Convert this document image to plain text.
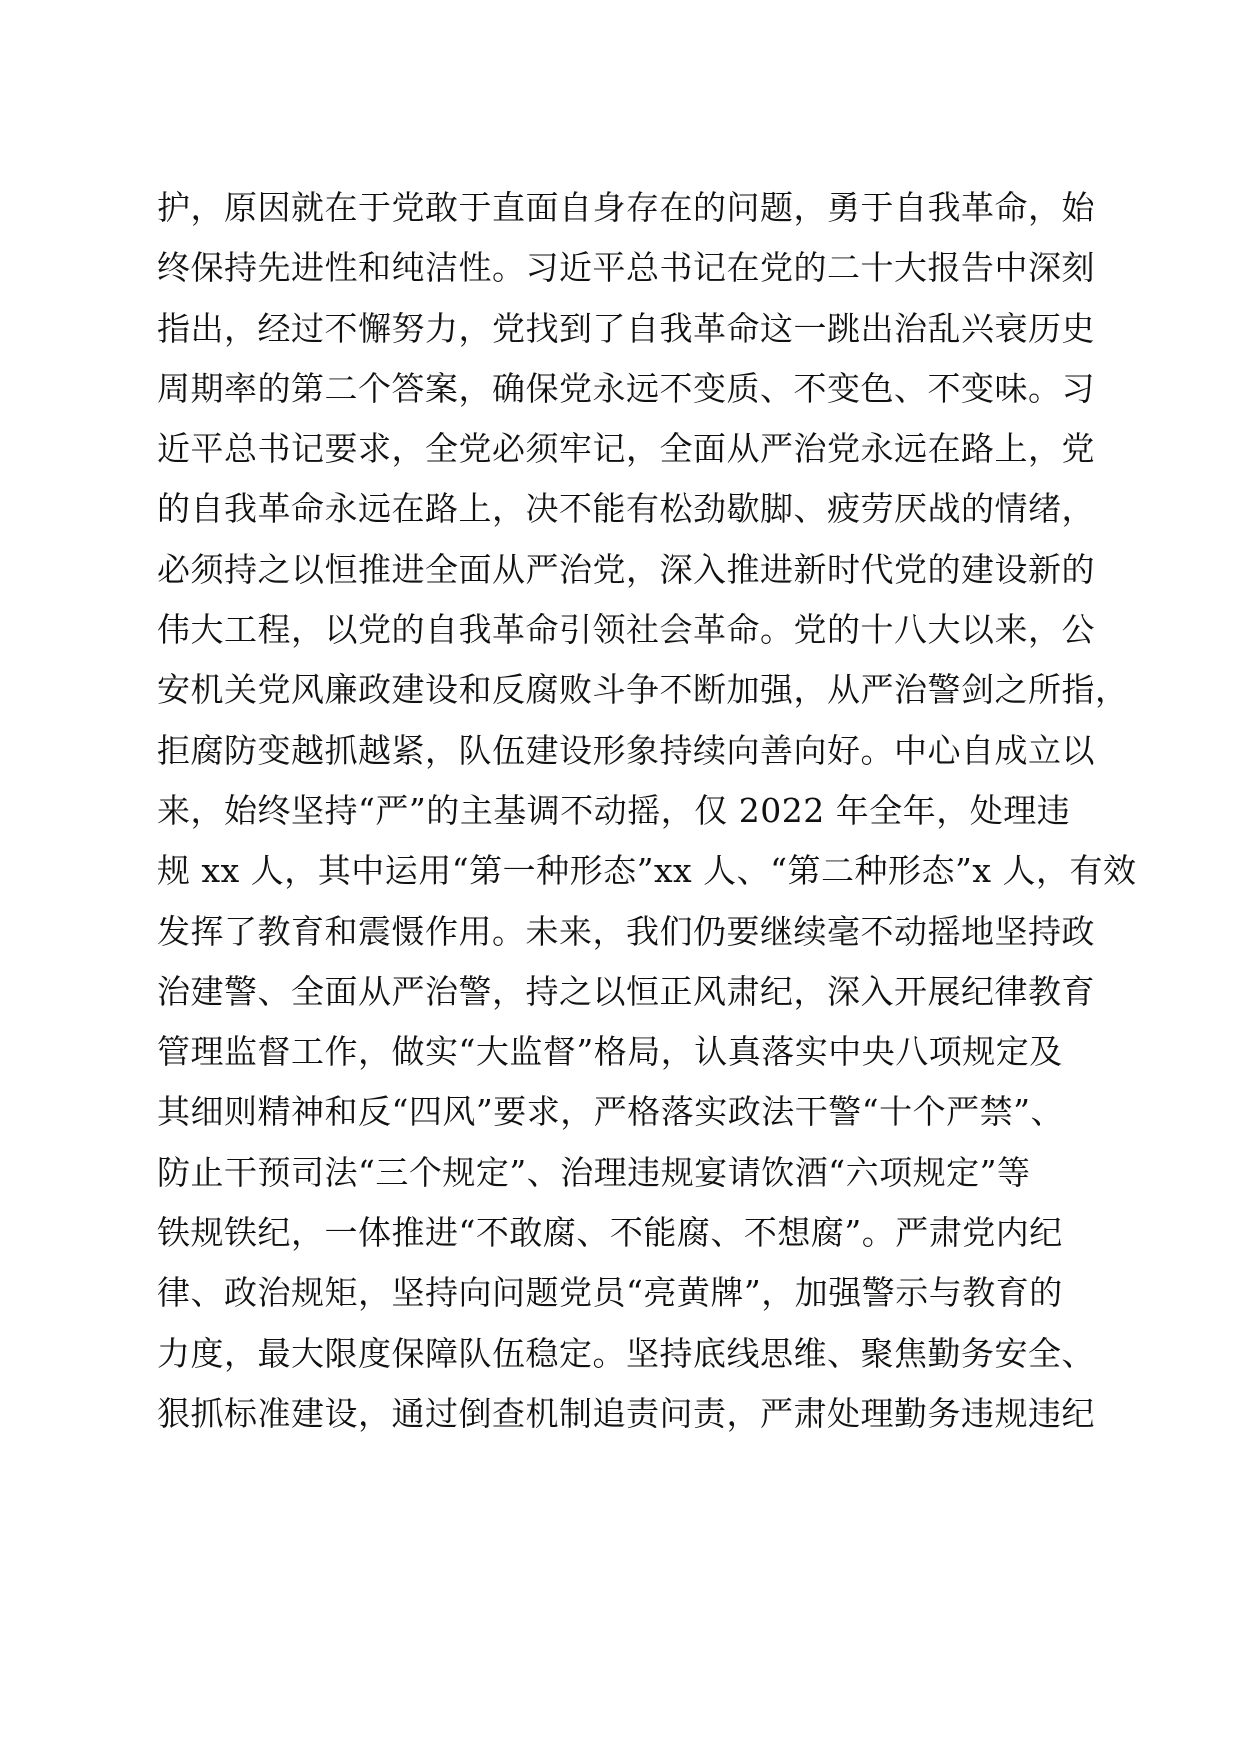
护，原因就在于党敢于直面自身存在的问题，勇于自我革命，始
终保持先进性和纯洁性。习近平总书记在党的二十大报告中深刻
指出，经过不懈努力，党找到了自我革命这一跳出治乱兴衰历史
周期率的第二个答案，确保党永远不变质、不变色、不变味。习
近平总书记要求，全党必须牢记，全面从严治党永远在路上，党
的自我革命永远在路上，决不能有松劲歇脚、疲劳厌战的情绪，
必须持之以恒推进全面从严治党，深入推进新时代党的建设新的
伟大工程，以党的自我革命引领社会革命。党的十八大以来，公
安机关党风廉政建设和反腐败斗争不断加强，从严治警剑之所指，
拒腐防变越抓越紧，队伍建设形象持续向善向好。中心自成立以
来，始终坚持“严”的主基调不动摇，仅 2022 年全年，处理违
规 xx 人，其中运用“第一种形态”xx 人、“第二种形态”x 人，有效
发挥了教育和震慑作用。未来，我们仍要继续毫不动摇地坚持政
治建警、全面从严治警，持之以恒正风肃纪，深入开展纪律教育
管理监督工作，做实“大监督”格局，认真落实中央八项规定及
其细则精神和反“四风”要求，严格落实政法干警“十个严禁”、
防止干预司法“三个规定”、治理违规宴请饮酒“六项规定”等
铁规铁纪，一体推进“不敢腐、不能腐、不想腐”。严肃党内纪
律、政治规矩，坚持向问题党员“亮黄牌”，加强警示与教育的
力度，最大限度保障队伍稳定。坚持底线思维、聚焦勤务安全、
狠抓标准建设，通过倒查机制追责问责，严肃处理勤务违规违纪
